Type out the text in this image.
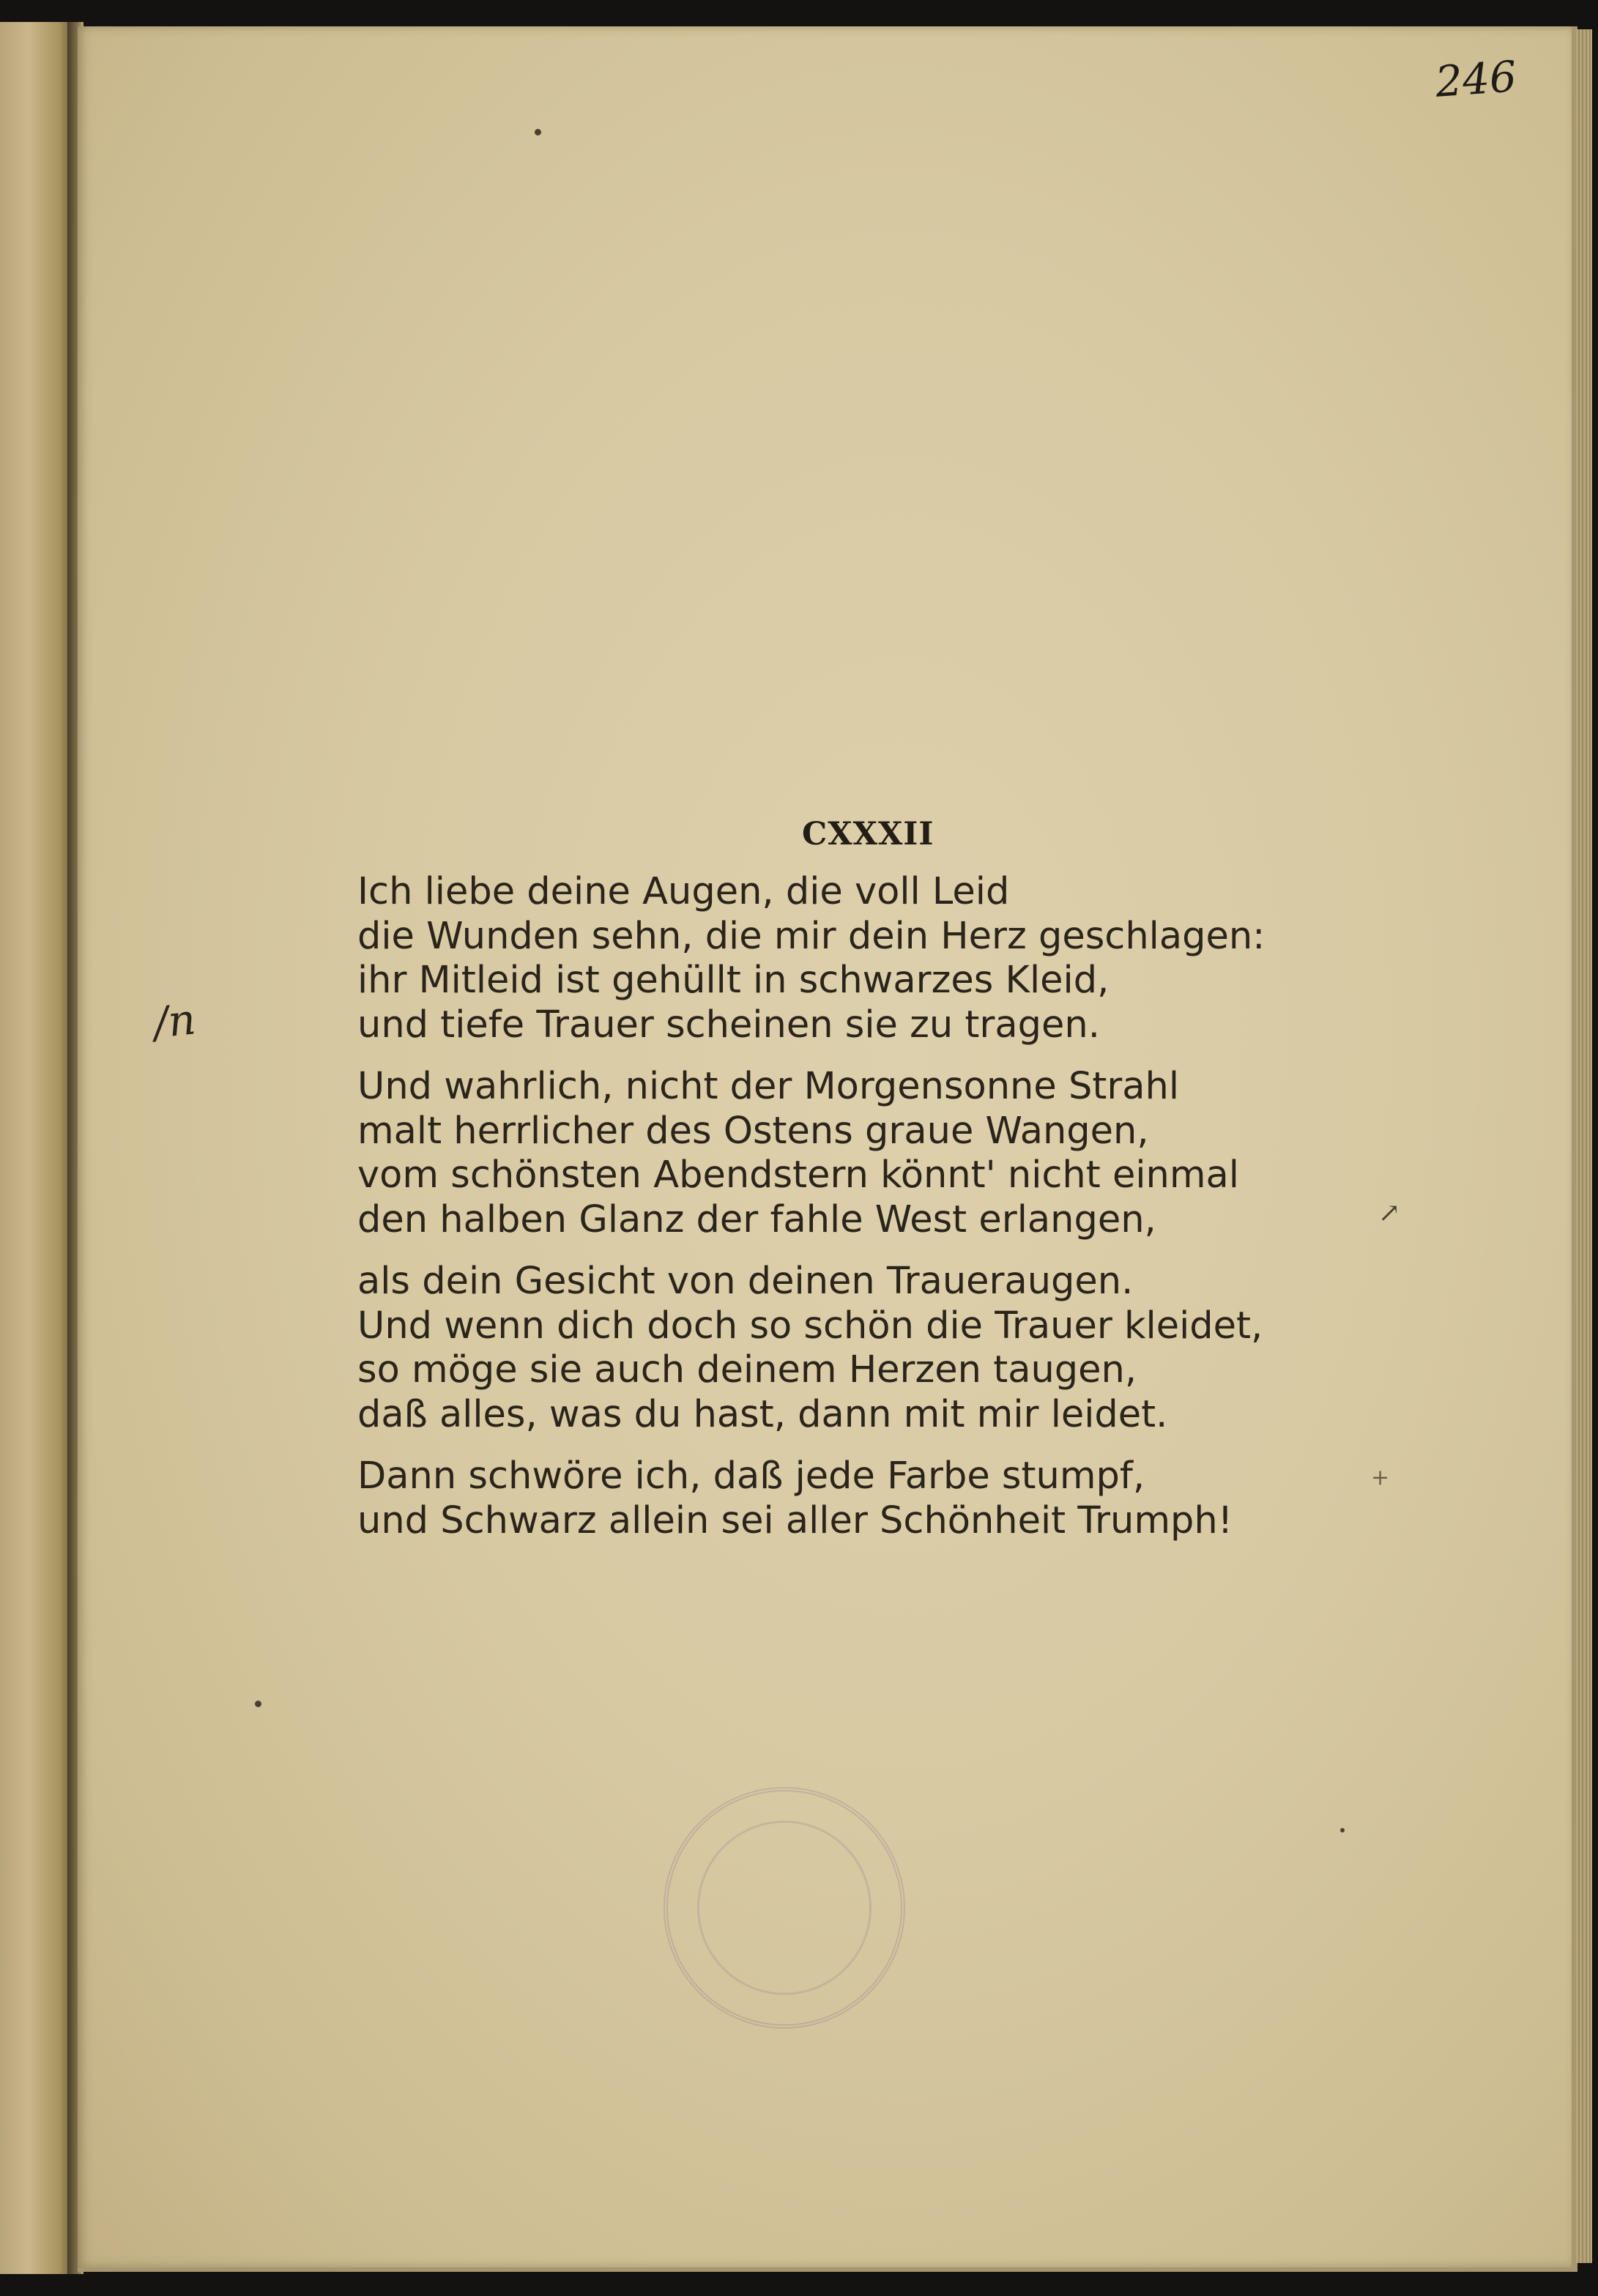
246
CXXXII
Ich liebe deine Augen, die voll Leid
die Wunden sehn, die mir dein Herz geschlagen:
ihr Mitleid ist gehüllt in schwarzes Kleid,
und tiefe Trauer scheinen sie zu tragen.
Und wahrlich, nicht der Morgensonne Strahl
malt herrlicher des Ostens graue Wangen,
vom schönsten Abendstern könnt' nicht einmal
den halben Glanz der fahle West erlangen,
als dein Gesicht von deinen Traueraugen.
Und wenn dich doch so schön die Trauer kleidet,
so möge sie auch deinem Herzen taugen,
daß alles, was du hast, dann mit mir leidet.
Dann schwöre ich, daß jede Farbe stumpf,
und Schwarz allein sei aller Schönheit Trumph!
/n
↗
+
